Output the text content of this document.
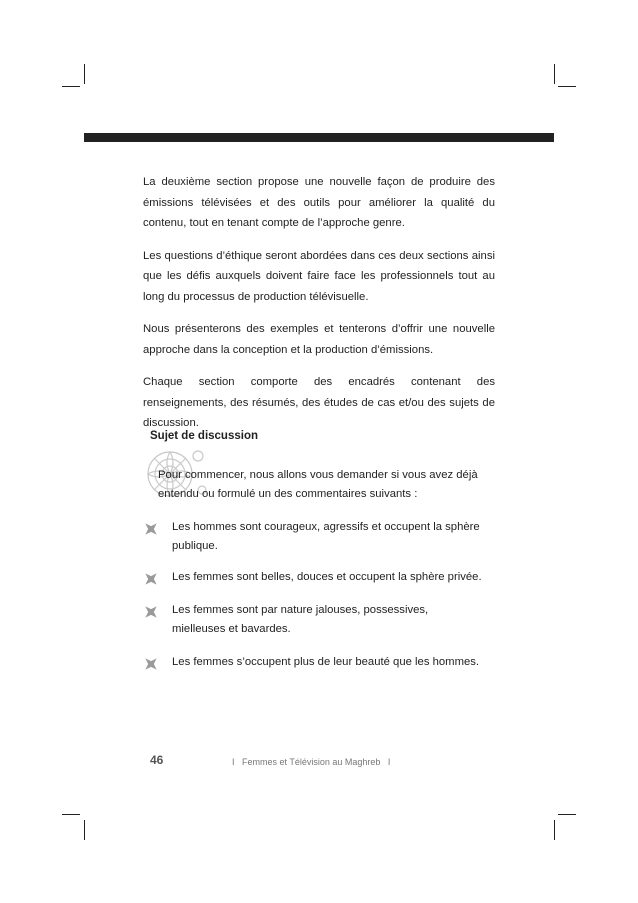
La deuxième section propose une nouvelle façon de produire des émissions télévisées et des outils pour améliorer la qualité du contenu, tout en tenant compte de l’approche genre.

Les questions d’éthique seront abordées dans ces deux sections ainsi que les défis auxquels doivent faire face les professionnels tout au long du processus de production télévisuelle.

Nous présenterons des exemples et tenterons d’offrir une nouvelle approche dans la conception et la production d’émissions.

Chaque section comporte des encadrés contenant des renseignements, des résumés, des études de cas et/ou des sujets de discussion.

Sujet de discussion
Pour commencer, nous allons vous demander si vous avez déjà entendu ou formulé un des commentaires suivants :
Les hommes sont courageux, agressifs et occupent la sphère publique.
Les femmes sont belles, douces et occupent la sphère privée.
Les femmes sont par nature jalouses, possessives, mielleuses et bavardes.
Les femmes s’occupent plus de leur beauté que les hommes.
46	I   Femmes et Télévision au Maghreb   I
